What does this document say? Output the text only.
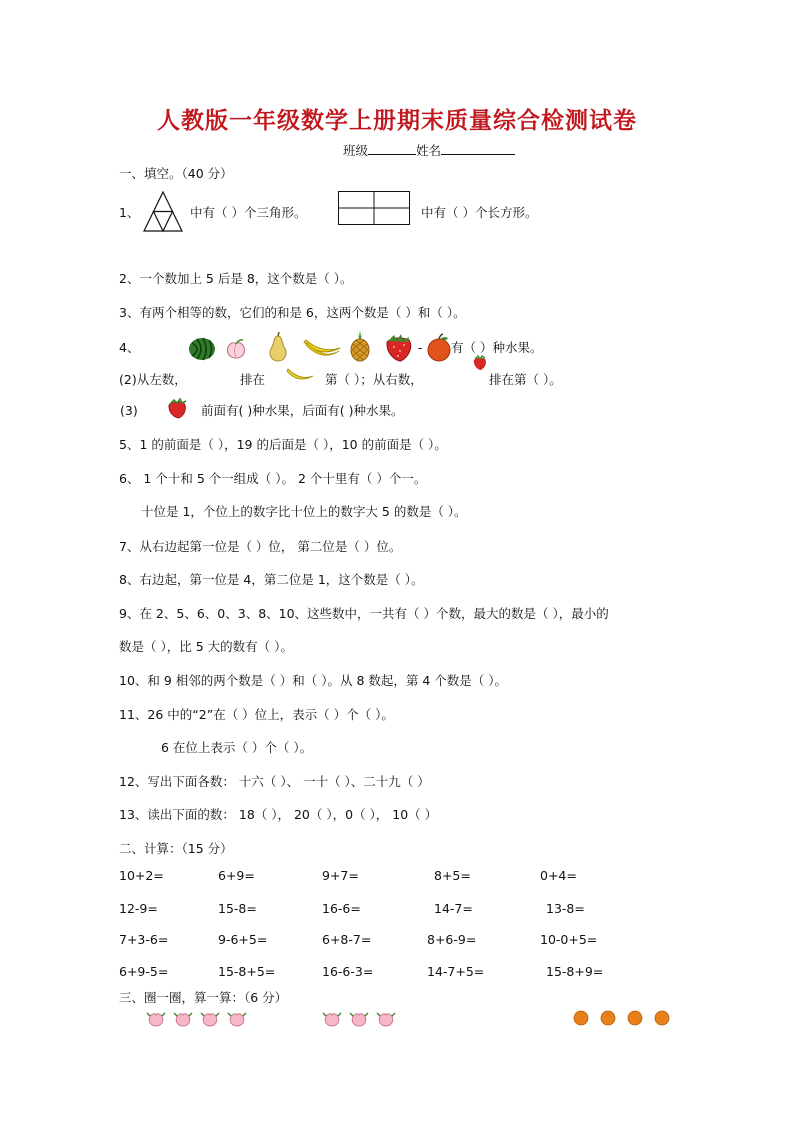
人教版一年级数学上册期末质量综合检测试卷
班级	姓名
一、填空。（40 分）
1、	中有（ ）个三角形。	中有（ ）个长方形。
2、一个数加上 5 后是 8，这个数是（ ）。
3、有两个相等的数，它们的和是 6，这两个数是（ ）和（ ）。
4、	- 有（ ）种水果。
(2)从左数，	排在	第（ ）；从右数，	排在第（ ）。
(3)	前面有( )种水果，后面有( )种水果。
5、1 的前面是（ ），19 的后面是（ ），10 的前面是（ ）。
6、 1 个十和 5 个一组成（ ）。 2 个十里有（ ）个一。
十位是 1，个位上的数字比十位上的数字大 5 的数是（ ）。
7、从右边起第一位是（ ）位， 第二位是（ ）位。
8、右边起，第一位是 4，第二位是 1，这个数是（ ）。
9、在 2、5、6、0、3、8、10、这些数中，一共有（ ）个数，最大的数是（ ），最小的
数是（ ），比 5 大的数有（ ）。
10、和 9 相邻的两个数是（ ）和（ ）。从 8 数起，第 4 个数是（ ）。
11、26 中的“2”在（ ）位上，表示（ ）个（ ）。
6 在位上表示（ ）个（ ）。
12、写出下面各数： 十六（ ）、 一十（ ）、二十九（ ）
13、读出下面的数： 18（ ）， 20（ ），0（ ）， 10（ ）
二、计算：（15 分）
10+2=	6+9=	9+7=	8+5=	0+4=
12-9=	15-8=	16-6=	14-7=	13-8=
7+3-6=	9-6+5=	6+8-7=	8+6-9=	10-0+5=
6+9-5=	15-8+5=	16-6-3=	14-7+5=	15-8+9=
三、圈一圈，算一算：（6 分）
